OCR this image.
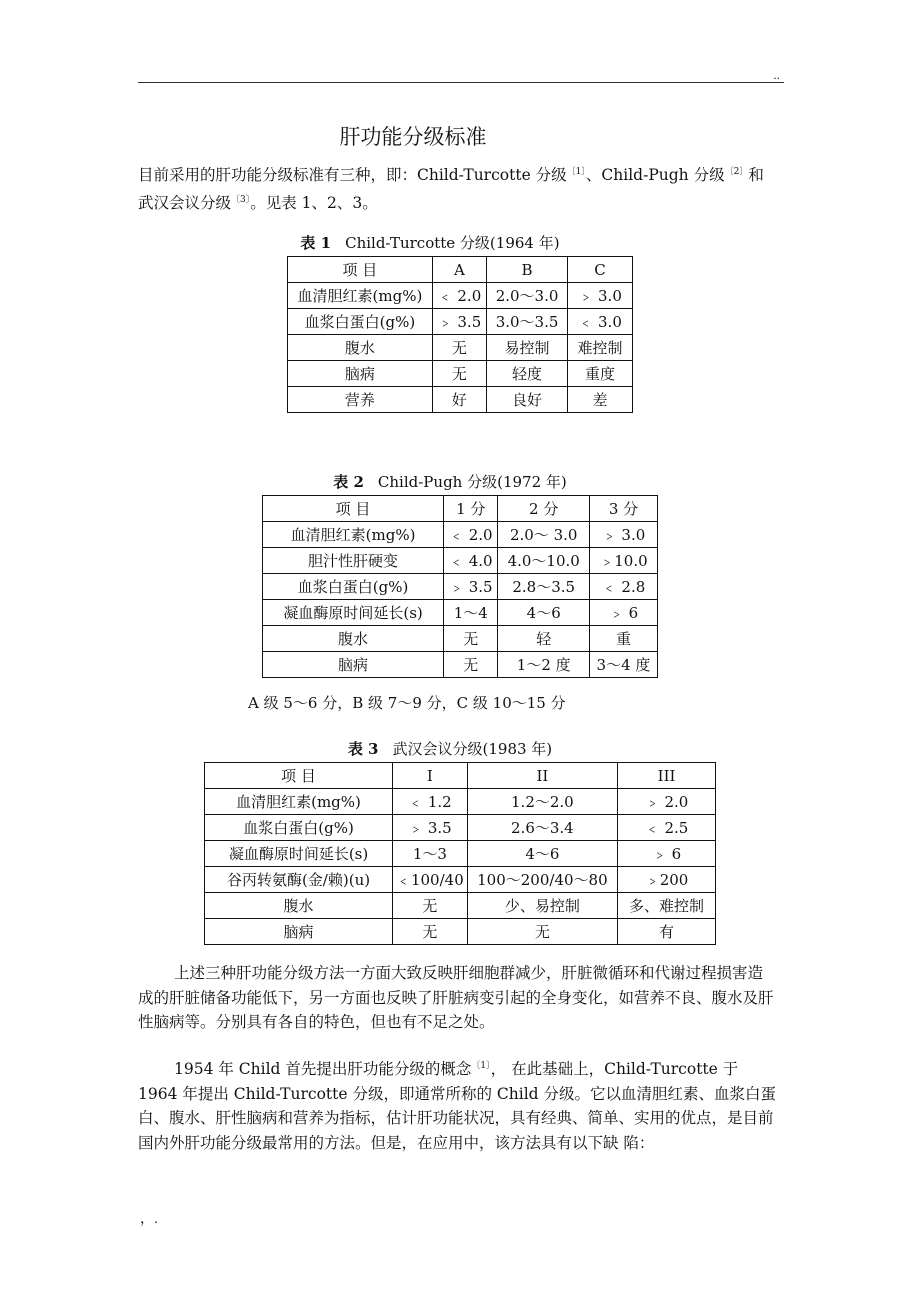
..
肝功能分级标准
目前采用的肝功能分级标准有三种，即：Child-Turcotte 分级$^{〔1〕}$、Child-Pugh 分级$^{〔2〕}$和武汉会议分级$^{〔3〕}$。见表 1、2、3。
表 1 Child-Turcotte 分级(1964 年)
项 目	A	B	C
血清胆红素(mg%)	﹤ 2.0	2.0～3.0	﹥ 3.0
血浆白蛋白(g%)	﹥ 3.5	3.0～3.5	﹤ 3.0
腹水	无	易控制	难控制
脑病	无	轻度	重度
营养	好	良好	差
表 2 Child-Pugh 分级(1972 年)
项 目	1 分	2 分	3 分
血清胆红素(mg%)	﹤ 2.0	2.0～ 3.0	﹥ 3.0
胆汁性肝硬变	﹤ 4.0	4.0～10.0	﹥10.0
血浆白蛋白(g%)	﹥ 3.5	2.8～3.5	﹤ 2.8
凝血酶原时间延长(s)	1～4	4～6	﹥ 6
腹水	无	轻	重
脑病	无	1～2 度	3～4 度
A 级 5～6 分，B 级 7～9 分，C 级 10～15 分
表 3 武汉会议分级(1983 年)
项 目	I	II	III
血清胆红素(mg%)	﹤ 1.2	1.2～2.0	﹥ 2.0
血浆白蛋白(g%)	﹥ 3.5	2.6～3.4	﹤ 2.5
凝血酶原时间延长(s)	1～3	4～6	﹥ 6
谷丙转氨酶(金/赖)(u)	﹤100/40	100～200/40～80	﹥200
腹水	无	少、易控制	多、难控制
脑病	无	无	有
上述三种肝功能分级方法一方面大致反映肝细胞群减少，肝脏微循环和代谢过程损害造成的肝脏储备功能低下，另一方面也反映了肝脏病变引起的全身变化，如营养不良、腹水及肝性脑病等。分别具有各自的特色，但也有不足之处。
1954 年 Child 首先提出肝功能分级的概念$^{〔1〕}$， 在此基础上，Child-Turcotte 于 1964 年提出 Child-Turcotte 分级，即通常所称的 Child 分级。它以血清胆红素、血浆白蛋 白、腹水、肝性脑病和营养为指标，估计肝功能状况，具有经典、简单、实用的优点，是目前国内外肝功能分级最常用的方法。但是，在应用中，该方法具有以下缺 陷：
，.
